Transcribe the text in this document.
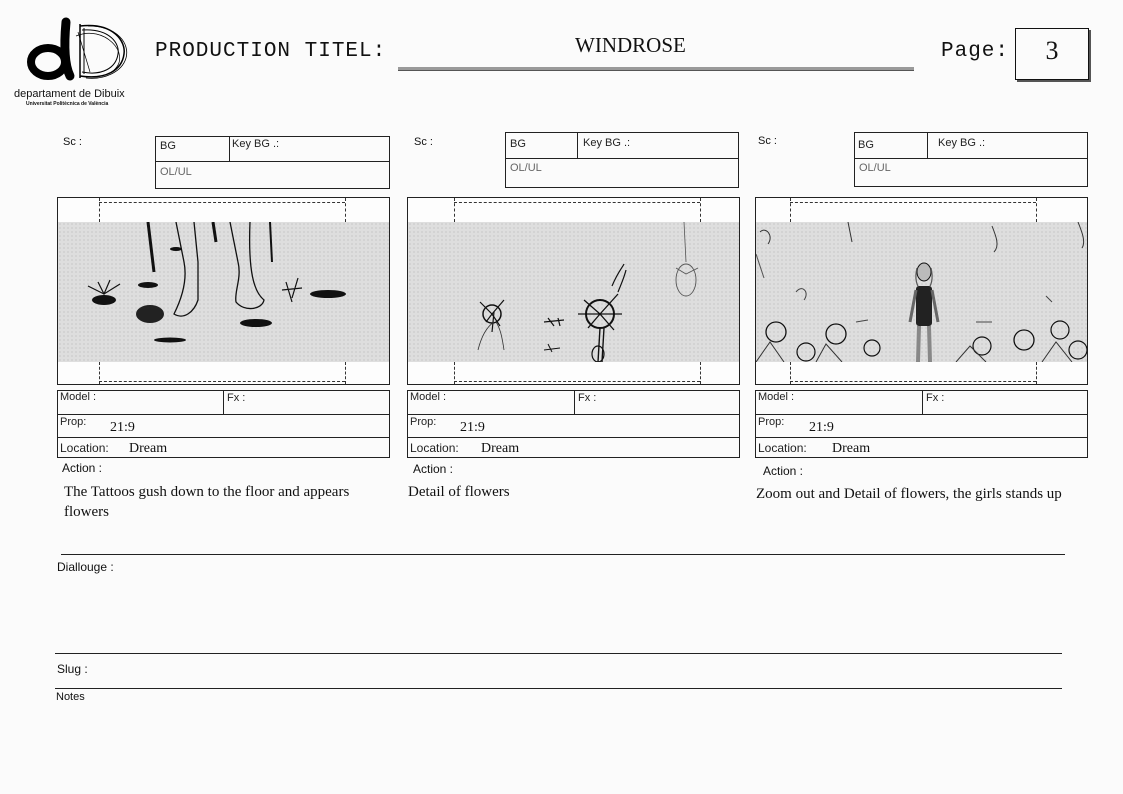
departament de Dibuix
Universitat Politècnica de València
PRODUCTION TITEL:	WINDROSE	Page:	3
Sc :	BG	Key BG .:
OL/UL
Model :	Fx :
Prop: 21:9
Location: Dream
Action :
The Tattoos gush down to the floor and appears flowers
Sc :	BG	Key BG .:
OL/UL
Model :	Fx :
Prop: 21:9
Location: Dream
Action :
Detail of flowers
Sc :	BG	Key BG .:
OL/UL
Model :	Fx :
Prop: 21:9
Location: Dream
Action :
Zoom out and Detail of flowers, the girls stands up
Diallouge :
Slug :
Notes
